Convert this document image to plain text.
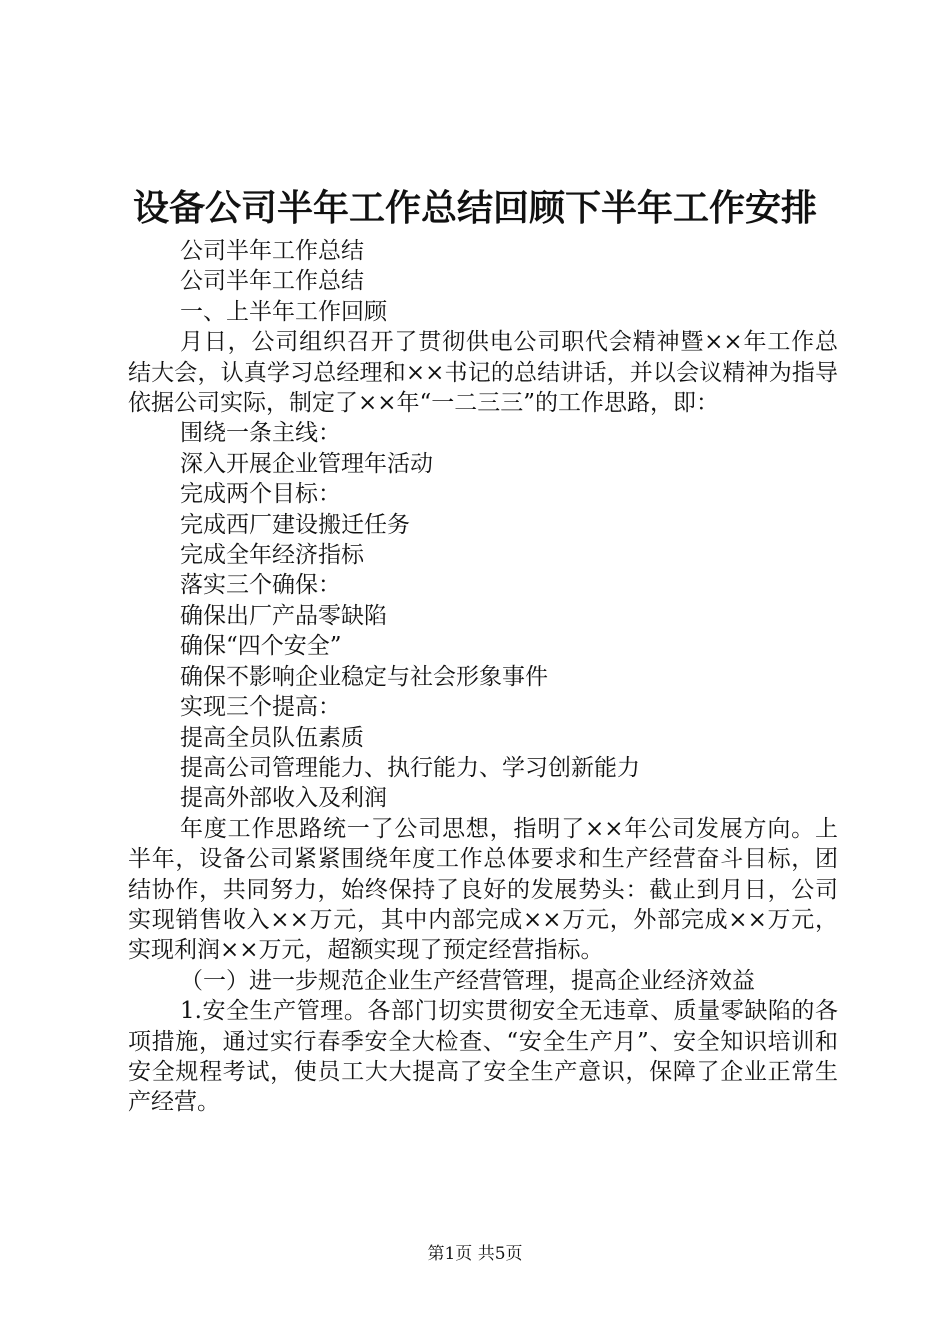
设备公司半年工作总结回顾下半年工作安排
公司半年工作总结
公司半年工作总结
一、上半年工作回顾
月日，公司组织召开了贯彻供电公司职代会精神暨××年工作总结大会，认真学习总经理和××书记的总结讲话，并以会议精神为指导依据公司实际，制定了××年“一二三三”的工作思路，即：
围绕一条主线：
深入开展企业管理年活动
完成两个目标：
完成西厂建设搬迁任务
完成全年经济指标
落实三个确保：
确保出厂产品零缺陷
确保“四个安全”
确保不影响企业稳定与社会形象事件
实现三个提高：
提高全员队伍素质
提高公司管理能力、执行能力、学习创新能力
提高外部收入及利润
年度工作思路统一了公司思想，指明了××年公司发展方向。上半年，设备公司紧紧围绕年度工作总体要求和生产经营奋斗目标，团结协作，共同努力，始终保持了良好的发展势头：截止到月日，公司实现销售收入××万元，其中内部完成××万元，外部完成××万元，实现利润××万元，超额实现了预定经营指标。
（一）进一步规范企业生产经营管理，提高企业经济效益
1.安全生产管理。各部门切实贯彻安全无违章、质量零缺陷的各项措施，通过实行春季安全大检查、“安全生产月”、安全知识培训和安全规程考试，使员工大大提高了安全生产意识，保障了企业正常生产经营。
第1页 共5页
